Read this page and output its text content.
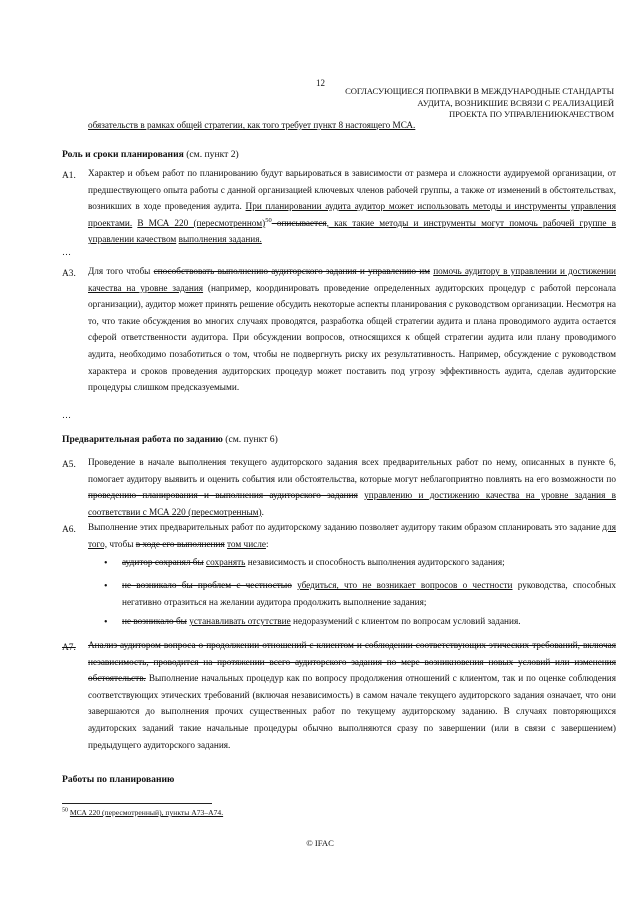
12
СОГЛАСУЮЩИЕСЯ ПОПРАВКИ В МЕЖДУНАРОДНЫЕ СТАНДАРТЫ
АУДИТА, ВОЗНИКШИЕ ВСВЯЗИ С РЕАЛИЗАЦИЕЙ
ПРОЕКТА ПО УПРАВЛЕНИЮКАЧЕСТВОМ
обязательств в рамках общей стратегии, как того требует пункт 8 настоящего МСА.
Роль и сроки планирования (см. пункт 2)
A1. Характер и объем работ по планированию будут варьироваться в зависимости от размера и сложности аудируемой организации, от предшествующего опыта работы с данной организацией ключевых членов рабочей группы, а также от изменений в обстоятельствах, возникших в ходе проведения аудита. При планировании аудита аудитор может использовать методы и инструменты управления проектами. В МСА 220 (пересмотренном)$^{50}$ описывается, как такие методы и инструменты могут помочь рабочей группе в управлении качеством выполнения задания.
…
A3. Для того чтобы способствовать выполнению аудиторского задания и управлению им помочь аудитору в управлении и достижении качества на уровне задания (например, координировать проведение определенных аудиторских процедур с работой персонала организации), аудитор может принять решение обсудить некоторые аспекты планирования с руководством организации. Несмотря на то, что такие обсуждения во многих случаях проводятся, разработка общей стратегии аудита и плана проводимого аудита остается сферой ответственности аудитора. При обсуждении вопросов, относящихся к общей стратегии аудита или плану проводимого аудита, необходимо позаботиться о том, чтобы не подвергнуть риску их результативность. Например, обсуждение с руководством характера и сроков проведения аудиторских процедур может поставить под угрозу эффективность аудита, сделав аудиторские процедуры слишком предсказуемыми.
…
Предварительная работа по заданию (см. пункт 6)
A5. Проведение в начале выполнения текущего аудиторского задания всех предварительных работ по нему, описанных в пункте 6, помогает аудитору выявить и оценить события или обстоятельства, которые могут неблагоприятно повлиять на его возможности по проведению планирования и выполнения аудиторского задания управлению и достижению качества на уровне задания в соответствии с МСА 220 (пересмотренным).
A6. Выполнение этих предварительных работ по аудиторскому заданию позволяет аудитору таким образом спланировать это задание для того, чтобы в ходе его выполнения том числе:
• аудитор сохранял бы сохранять независимость и способность выполнения аудиторского задания;
• не возникало бы проблем с честностью убедиться, что не возникает вопросов о честности руководства, способных негативно отразиться на желании аудитора продолжить выполнение задания;
• не возникало бы устанавливать отсутствие недоразумений с клиентом по вопросам условий задания.
A7. Анализ аудитором вопроса о продолжении отношений с клиентом и соблюдении соответствующих этических требований, включая независимость, проводится на протяжении всего аудиторского задания по мере возникновения новых условий или изменения обстоятельств. Выполнение начальных процедур как по вопросу продолжения отношений с клиентом, так и по оценке соблюдения соответствующих этических требований (включая независимость) в самом начале текущего аудиторского задания означает, что они завершаются до выполнения прочих существенных работ по текущему аудиторскому заданию. В случаях повторяющихся аудиторских заданий такие начальные процедуры обычно выполняются сразу по завершении (или в связи с завершением) предыдущего аудиторского задания.
Работы по планированию
$^{50}$ МСА 220 (пересмотренный), пункты A73–A74.
© IFAC
